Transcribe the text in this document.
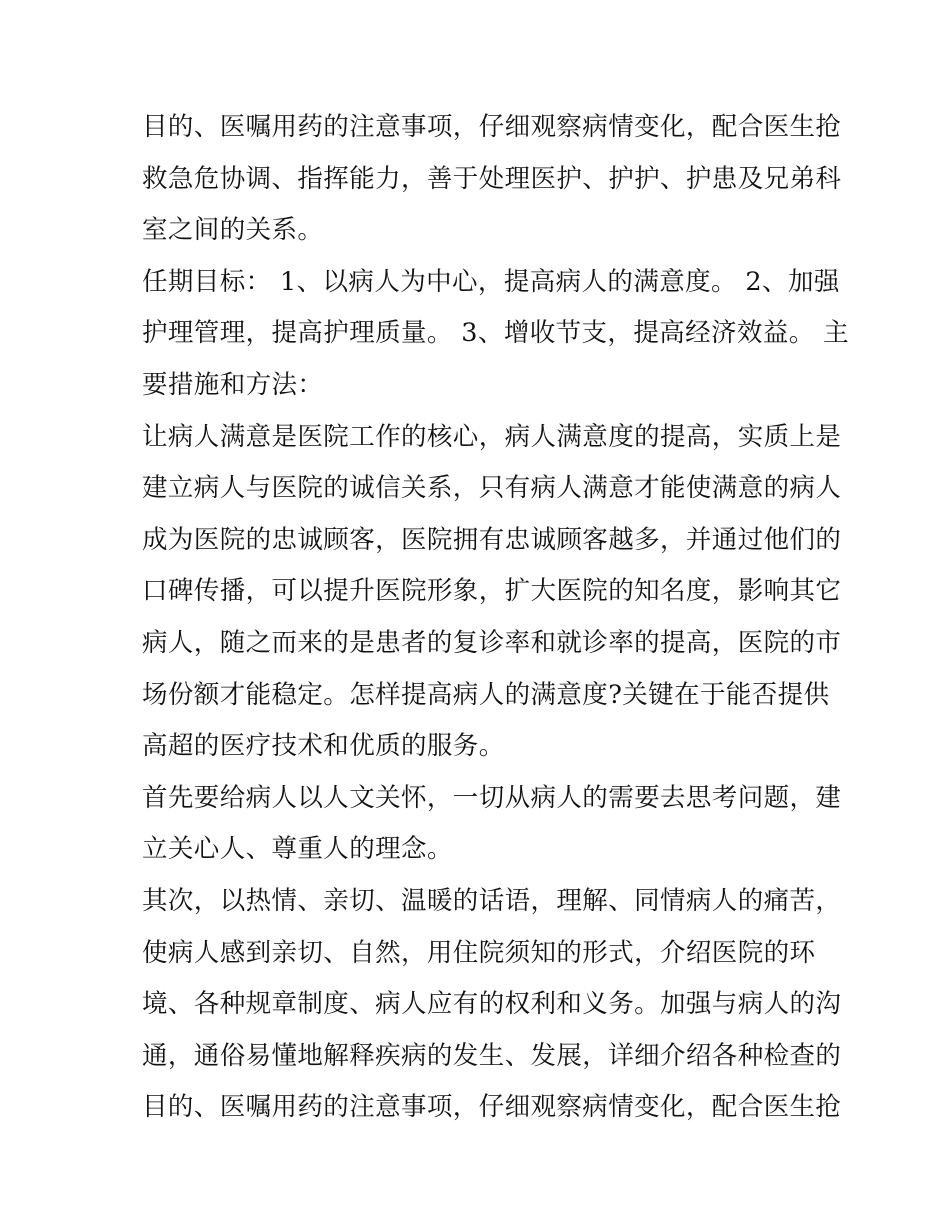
目的、医嘱用药的注意事项，仔细观察病情变化，配合医生抢
救急危协调、指挥能力，善于处理医护、护护、护患及兄弟科
室之间的关系。
任期目标： 1、以病人为中心，提高病人的满意度。 2、加强
护理管理，提高护理质量。 3、增收节支，提高经济效益。 主
要措施和方法：
让病人满意是医院工作的核心，病人满意度的提高，实质上是
建立病人与医院的诚信关系，只有病人满意才能使满意的病人
成为医院的忠诚顾客，医院拥有忠诚顾客越多，并通过他们的
口碑传播，可以提升医院形象，扩大医院的知名度，影响其它
病人，随之而来的是患者的复诊率和就诊率的提高，医院的市
场份额才能稳定。怎样提高病人的满意度?关键在于能否提供
高超的医疗技术和优质的服务。
首先要给病人以人文关怀，一切从病人的需要去思考问题，建
立关心人、尊重人的理念。
其次，以热情、亲切、温暖的话语，理解、同情病人的痛苦，
使病人感到亲切、自然，用住院须知的形式，介绍医院的环
境、各种规章制度、病人应有的权利和义务。加强与病人的沟
通，通俗易懂地解释疾病的发生、发展，详细介绍各种检查的
目的、医嘱用药的注意事项，仔细观察病情变化，配合医生抢
